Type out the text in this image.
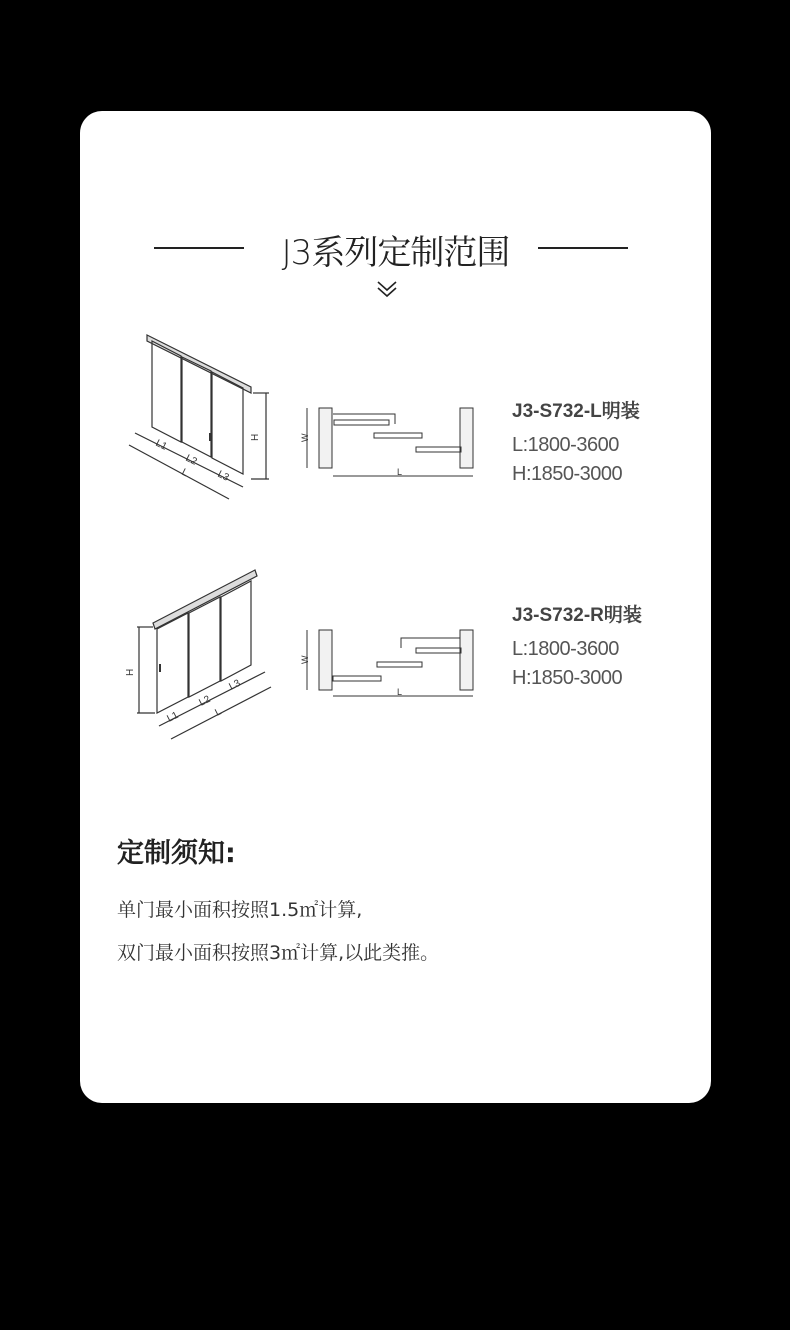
J3系列定制范围
H
L1
L2
L3
L
W
L
J3-S732-L明装
L:1800-3600
H:1850-3000
H
L1
L2
L3
L
W
L
J3-S732-R明装
L:1800-3600
H:1850-3000
定制须知:
单门最小面积按照1.5㎡计算,
双门最小面积按照3㎡计算,以此类推。
